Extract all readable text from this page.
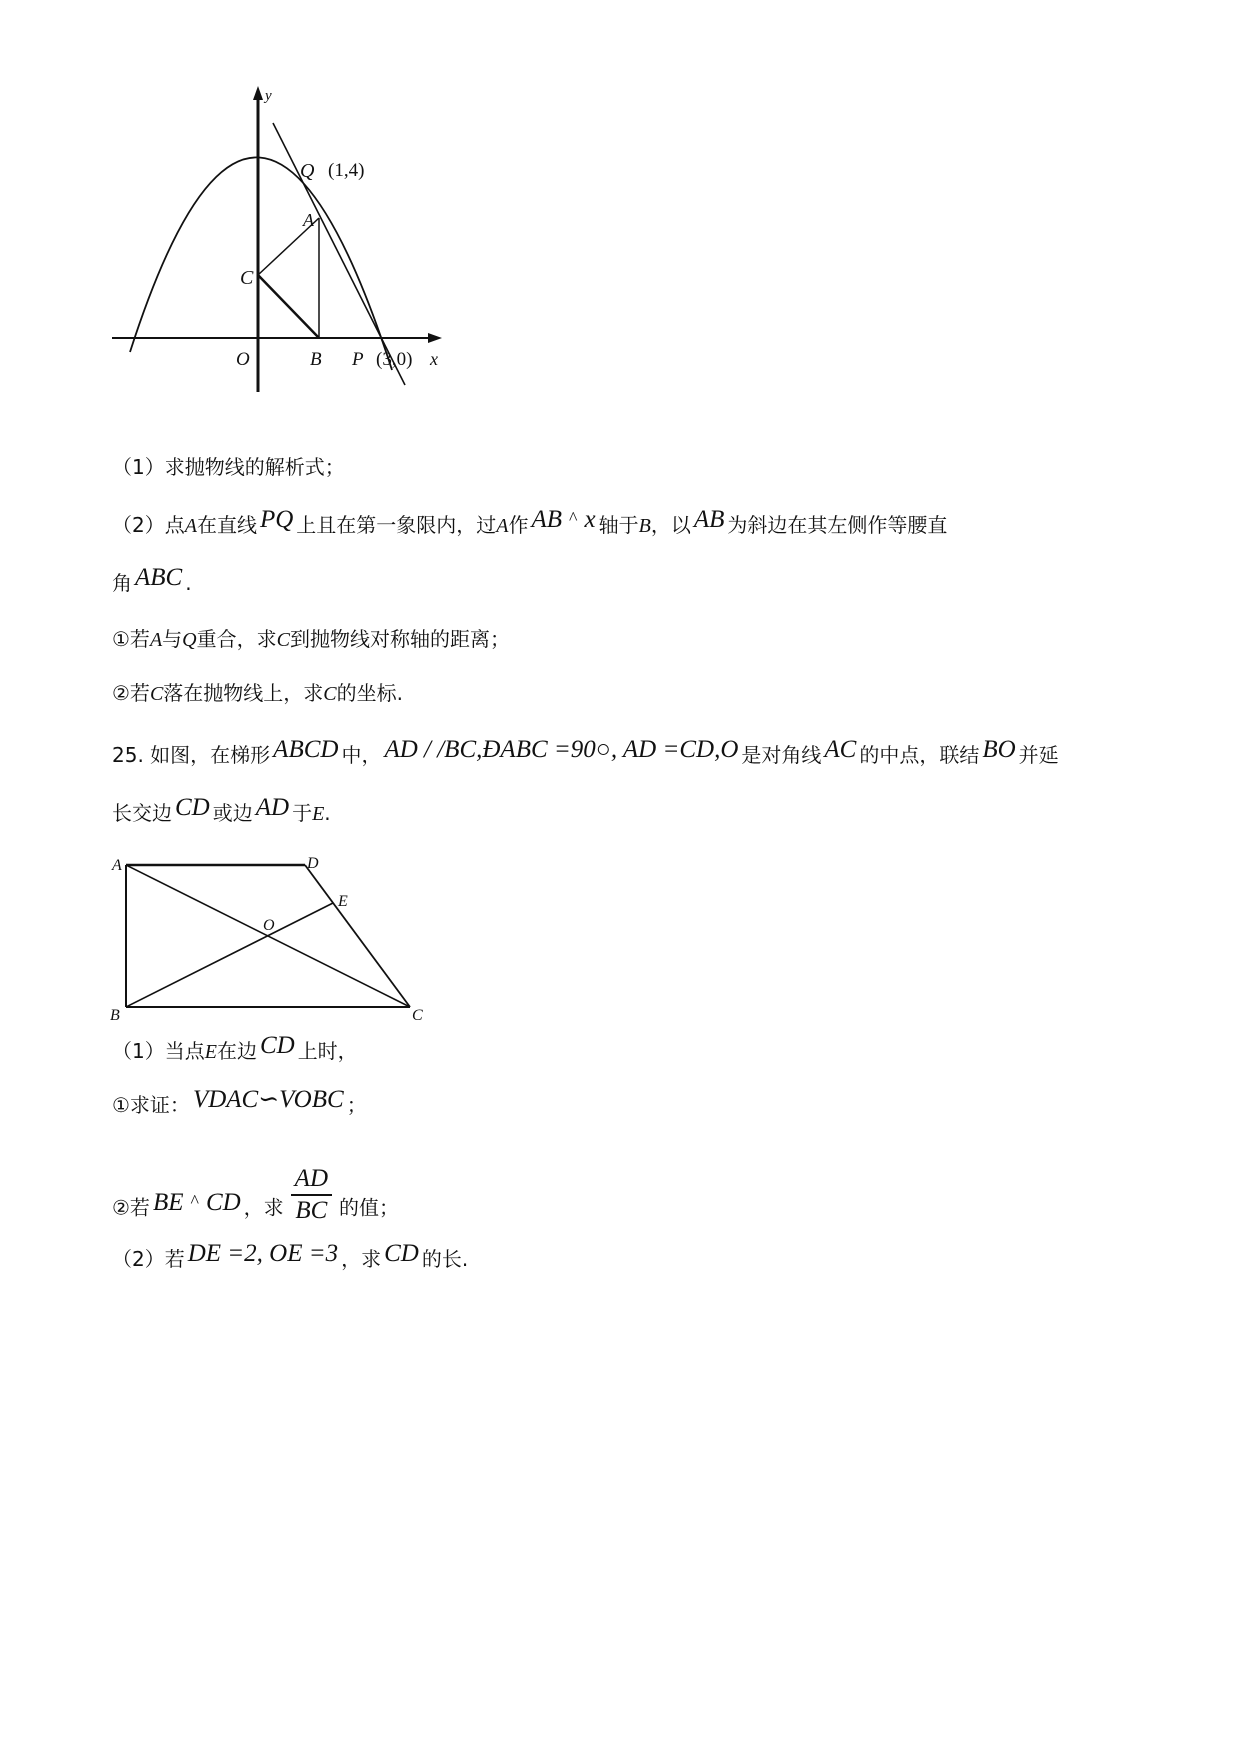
y
x
Q (1,4)
A
C
O	B P (3,0)
（1）求抛物线的解析式；
（2）点A在直线 PQ 上且在第一象限内，过A作 AB ^ x 轴于B，以 AB 为斜边在其左侧作等腰直
角 ABC .
①若A与Q重合，求C到抛物线对称轴的距离；
②若C落在抛物线上，求C的坐标.
25. 如图，在梯形 ABCD 中， AD / /BC,ÐABC =90○, AD =CD,O 是对角线 AC 的中点，联结 BO 并延
长交边 CD 或边 AD 于E.
A	D
E
O
B	C
（1）当点E在边 CD 上时，
①求证： VDAC∽VOBC ；
②若 BE ^ CD ，求 $\frac{AD}{BC}$ 的值；
（2）若 DE =2, OE =3 ，求 CD 的长.
